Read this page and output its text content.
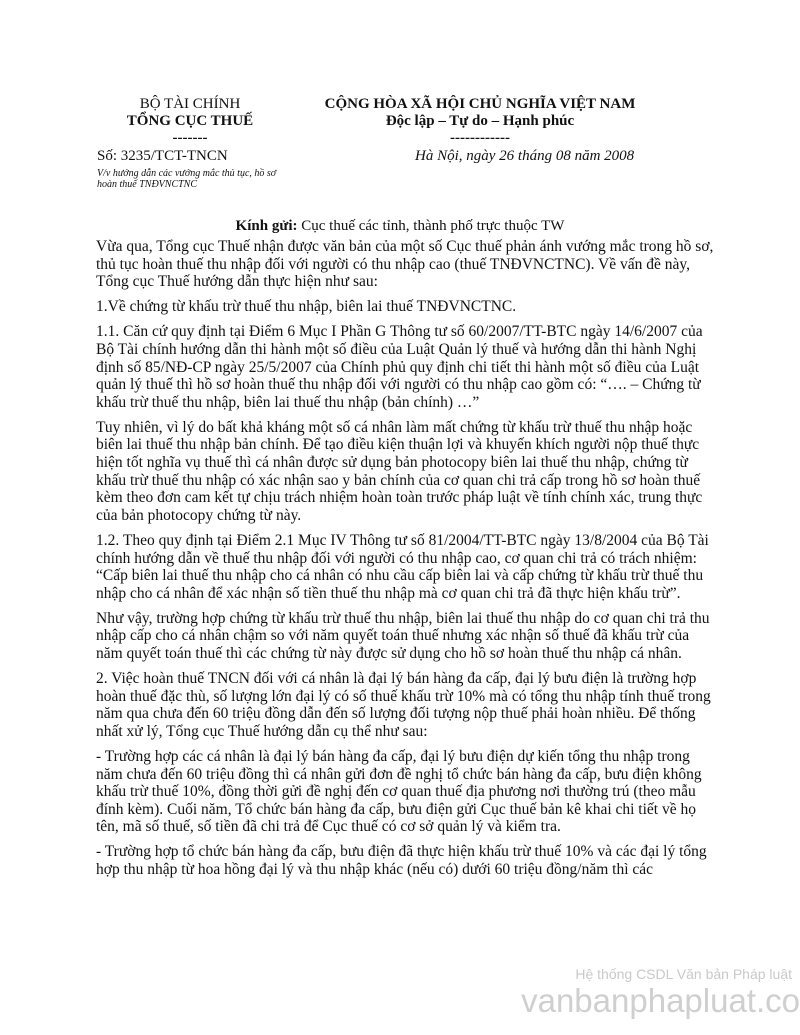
BỘ TÀI CHÍNH
TỔNG CỤC THUẾ
-------
CỘNG HÒA XÃ HỘI CHỦ NGHĨA VIỆT NAM
Độc lập – Tự do – Hạnh phúc
------------
Số: 3235/TCT-TNCN
V/v hướng dẫn các vướng mắc thủ tục, hồ sơ hoàn thuế TNĐVNCTNC
Hà Nội, ngày 26 tháng 08 năm 2008
Kính gửi: Cục thuế các tỉnh, thành phố trực thuộc TW

Vừa qua, Tổng cục Thuế nhận được văn bản của một số Cục thuế phản ánh vướng mắc trong hồ sơ, thủ tục hoàn thuế thu nhập đối với người có thu nhập cao (thuế TNĐVNCTNC). Về vấn đề này, Tổng cục Thuế hướng dẫn thực hiện như sau:

1.Về chứng từ khấu trừ thuế thu nhập, biên lai thuế TNĐVNCTNC.

1.1. Căn cứ quy định tại Điểm 6 Mục I Phần G Thông tư số 60/2007/TT-BTC ngày 14/6/2007 của Bộ Tài chính hướng dẫn thi hành một số điều của Luật Quản lý thuế và hướng dẫn thi hành Nghị định số 85/NĐ-CP ngày 25/5/2007 của Chính phủ quy định chi tiết thi hành một số điều của Luật quản lý thuế thì hồ sơ hoàn thuế thu nhập đối với người có thu nhập cao gồm có: “…. – Chứng từ khấu trừ thuế thu nhập, biên lai thuế thu nhập (bản chính) …”

Tuy nhiên, vì lý do bất khả kháng một số cá nhân làm mất chứng từ khấu trừ thuế thu nhập hoặc biên lai thuế thu nhập bản chính. Để tạo điều kiện thuận lợi và khuyến khích người nộp thuế thực hiện tốt nghĩa vụ thuế thì cá nhân được sử dụng bản photocopy biên lai thuế thu nhập, chứng từ khấu trừ thuế thu nhập có xác nhận sao y bản chính của cơ quan chi trả cấp trong hồ sơ hoàn thuế kèm theo đơn cam kết tự chịu trách nhiệm hoàn toàn trước pháp luật về tính chính xác, trung thực của bản photocopy chứng từ này.

1.2. Theo quy định tại Điểm 2.1 Mục IV Thông tư số 81/2004/TT-BTC ngày 13/8/2004 của Bộ Tài chính hướng dẫn về thuế thu nhập đối với người có thu nhập cao, cơ quan chi trả có trách nhiệm: “Cấp biên lai thuế thu nhập cho cá nhân có nhu cầu cấp biên lai và cấp chứng từ khấu trừ thuế thu nhập cho cá nhân để xác nhận số tiền thuế thu nhập mà cơ quan chi trả đã thực hiện khấu trừ”.

Như vậy, trường hợp chứng từ khấu trừ thuế thu nhập, biên lai thuế thu nhập do cơ quan chi trả thu nhập cấp cho cá nhân chậm so với năm quyết toán thuế nhưng xác nhận số thuế đã khấu trừ của năm quyết toán thuế thì các chứng từ này được sử dụng cho hồ sơ hoàn thuế thu nhập cá nhân.

2. Việc hoàn thuế TNCN đối với cá nhân là đại lý bán hàng đa cấp, đại lý bưu điện là trường hợp hoàn thuế đặc thù, số lượng lớn đại lý có số thuế khấu trừ 10% mà có tổng thu nhập tính thuế trong năm qua chưa đến 60 triệu đồng dẫn đến số lượng đối tượng nộp thuế phải hoàn nhiều. Để thống nhất xử lý, Tổng cục Thuế hướng dẫn cụ thể như sau:

- Trường hợp các cá nhân là đại lý bán hàng đa cấp, đại lý bưu điện dự kiến tổng thu nhập trong năm chưa đến 60 triệu đồng thì cá nhân gửi đơn đề nghị tổ chức bán hàng đa cấp, bưu điện không khấu trừ thuế 10%, đồng thời gửi đề nghị đến cơ quan thuế địa phương nơi thường trú (theo mẫu đính kèm). Cuối năm, Tổ chức bán hàng đa cấp, bưu điện gửi Cục thuế bản kê khai chi tiết về họ tên, mã số thuế, số tiền đã chi trả để Cục thuế có cơ sở quản lý và kiểm tra.

- Trường hợp tổ chức bán hàng đa cấp, bưu điện đã thực hiện khấu trừ thuế 10% và các đại lý tổng hợp thu nhập từ hoa hồng đại lý và thu nhập khác (nếu có) dưới 60 triệu đồng/năm thì các

Hệ thống CSDL Văn bản Pháp luật
vanbanphapluat.co
